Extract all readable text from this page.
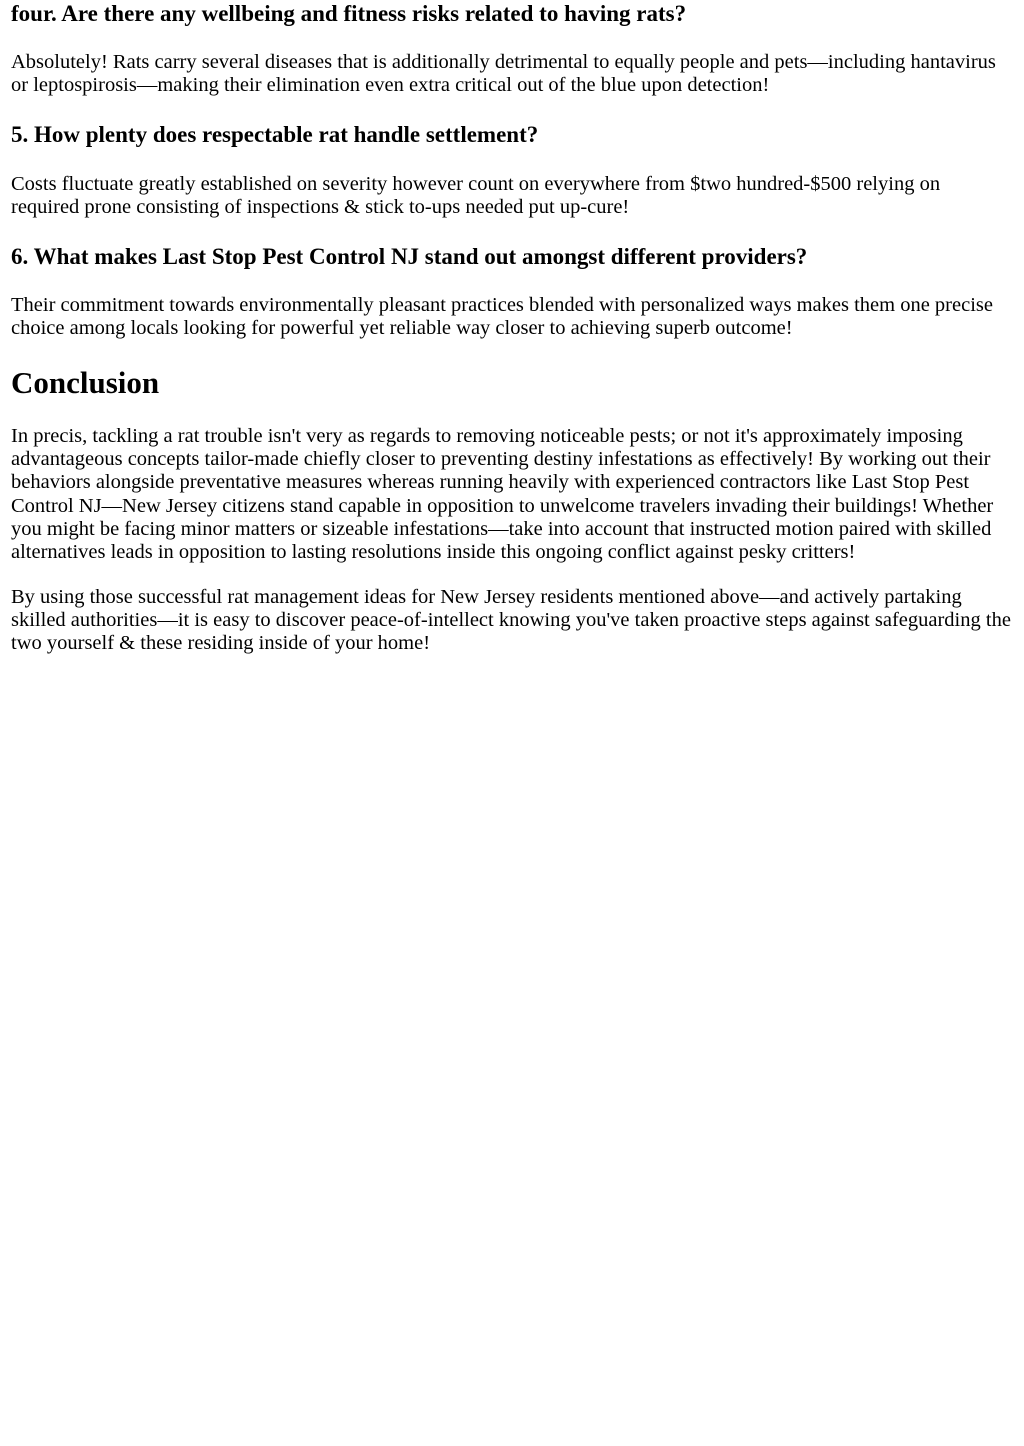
four. Are there any wellbeing and fitness risks related to having rats?

Absolutely! Rats carry several diseases that is additionally detrimental to equally people and pets—including hantavirus or leptospirosis—making their elimination even extra critical out of the blue upon detection!

5. How plenty does respectable rat handle settlement?

Costs fluctuate greatly established on severity however count on everywhere from $two hundred-$500 relying on required prone consisting of inspections & stick to-ups needed put up-cure!

6. What makes Last Stop Pest Control NJ stand out amongst different providers?

Their commitment towards environmentally pleasant practices blended with personalized ways makes them one precise choice among locals looking for powerful yet reliable way closer to achieving superb outcome!

Conclusion

In precis, tackling a rat trouble isn't very as regards to removing noticeable pests; or not it's approximately imposing advantageous concepts tailor-made chiefly closer to preventing destiny infestations as effectively! By working out their behaviors alongside preventative measures whereas running heavily with experienced contractors like Last Stop Pest Control NJ—New Jersey citizens stand capable in opposition to unwelcome travelers invading their buildings! Whether you might be facing minor matters or sizeable infestations—take into account that instructed motion paired with skilled alternatives leads in opposition to lasting resolutions inside this ongoing conflict against pesky critters!

By using those successful rat management ideas for New Jersey residents mentioned above—and actively partaking skilled authorities—it is easy to discover peace-of-intellect knowing you've taken proactive steps against safeguarding the two yourself & these residing inside of your home!
